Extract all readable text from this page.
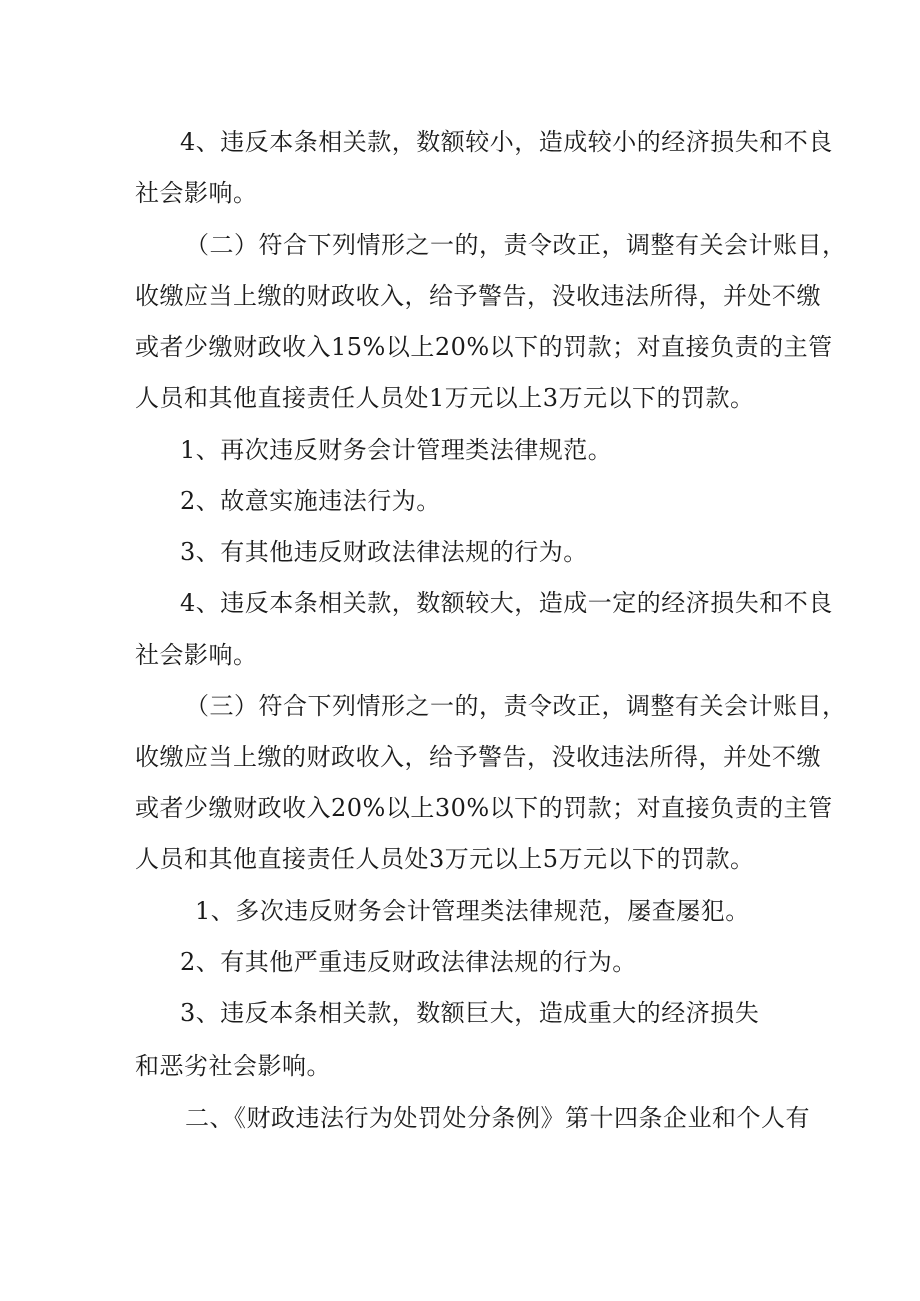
4、违反本条相关款，数额较小，造成较小的经济损失和不良
社会影响。
（二）符合下列情形之一的，责令改正，调整有关会计账目，
收缴应当上缴的财政收入，给予警告，没收违法所得，并处不缴
或者少缴财政收入15%以上20%以下的罚款；对直接负责的主管
人员和其他直接责任人员处1万元以上3万元以下的罚款。
1、再次违反财务会计管理类法律规范。
2、故意实施违法行为。
3、有其他违反财政法律法规的行为。
4、违反本条相关款，数额较大，造成一定的经济损失和不良
社会影响。
（三）符合下列情形之一的，责令改正，调整有关会计账目，
收缴应当上缴的财政收入，给予警告，没收违法所得，并处不缴
或者少缴财政收入20%以上30%以下的罚款；对直接负责的主管
人员和其他直接责任人员处3万元以上5万元以下的罚款。
1、多次违反财务会计管理类法律规范，屡查屡犯。
2、有其他严重违反财政法律法规的行为。
3、违反本条相关款，数额巨大，造成重大的经济损失
和恶劣社会影响。
二、《财政违法行为处罚处分条例》第十四条企业和个人有
